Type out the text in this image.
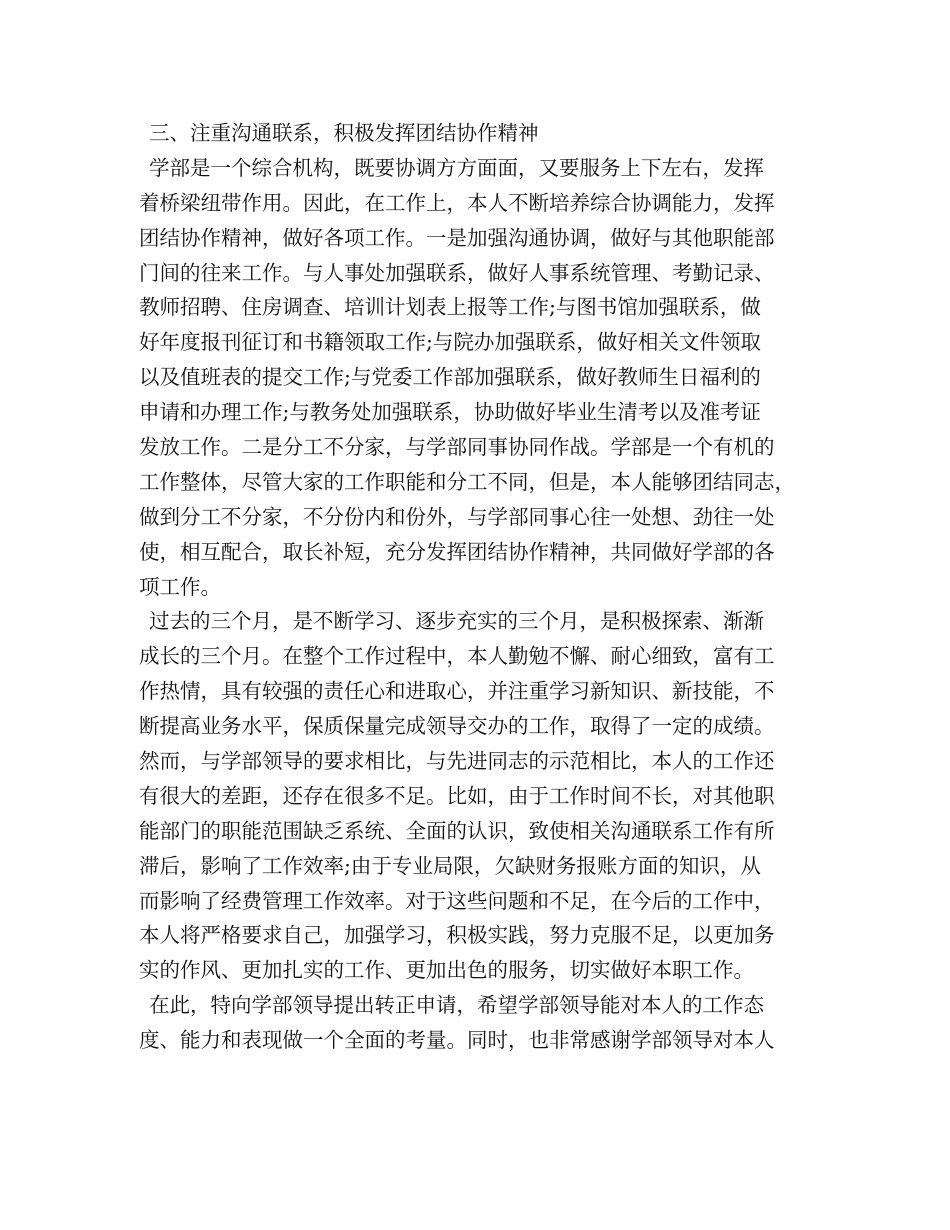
三、注重沟通联系，积极发挥团结协作精神
学部是一个综合机构，既要协调方方面面，又要服务上下左右，发挥
着桥梁纽带作用。因此，在工作上，本人不断培养综合协调能力，发挥
团结协作精神，做好各项工作。一是加强沟通协调，做好与其他职能部
门间的往来工作。与人事处加强联系，做好人事系统管理、考勤记录、
教师招聘、住房调查、培训计划表上报等工作;与图书馆加强联系，做
好年度报刊征订和书籍领取工作;与院办加强联系，做好相关文件领取
以及值班表的提交工作;与党委工作部加强联系，做好教师生日福利的
申请和办理工作;与教务处加强联系，协助做好毕业生清考以及准考证
发放工作。二是分工不分家，与学部同事协同作战。学部是一个有机的
工作整体，尽管大家的工作职能和分工不同，但是，本人能够团结同志，
做到分工不分家，不分份内和份外，与学部同事心往一处想、劲往一处
使，相互配合，取长补短，充分发挥团结协作精神，共同做好学部的各
项工作。
过去的三个月，是不断学习、逐步充实的三个月，是积极探索、渐渐
成长的三个月。在整个工作过程中，本人勤勉不懈、耐心细致，富有工
作热情，具有较强的责任心和进取心，并注重学习新知识、新技能，不
断提高业务水平，保质保量完成领导交办的工作，取得了一定的成绩。
然而，与学部领导的要求相比，与先进同志的示范相比，本人的工作还
有很大的差距，还存在很多不足。比如，由于工作时间不长，对其他职
能部门的职能范围缺乏系统、全面的认识，致使相关沟通联系工作有所
滞后，影响了工作效率;由于专业局限，欠缺财务报账方面的知识，从
而影响了经费管理工作效率。对于这些问题和不足，在今后的工作中，
本人将严格要求自己，加强学习，积极实践，努力克服不足，以更加务
实的作风、更加扎实的工作、更加出色的服务，切实做好本职工作。
在此，特向学部领导提出转正申请，希望学部领导能对本人的工作态
度、能力和表现做一个全面的考量。同时，也非常感谢学部领导对本人
